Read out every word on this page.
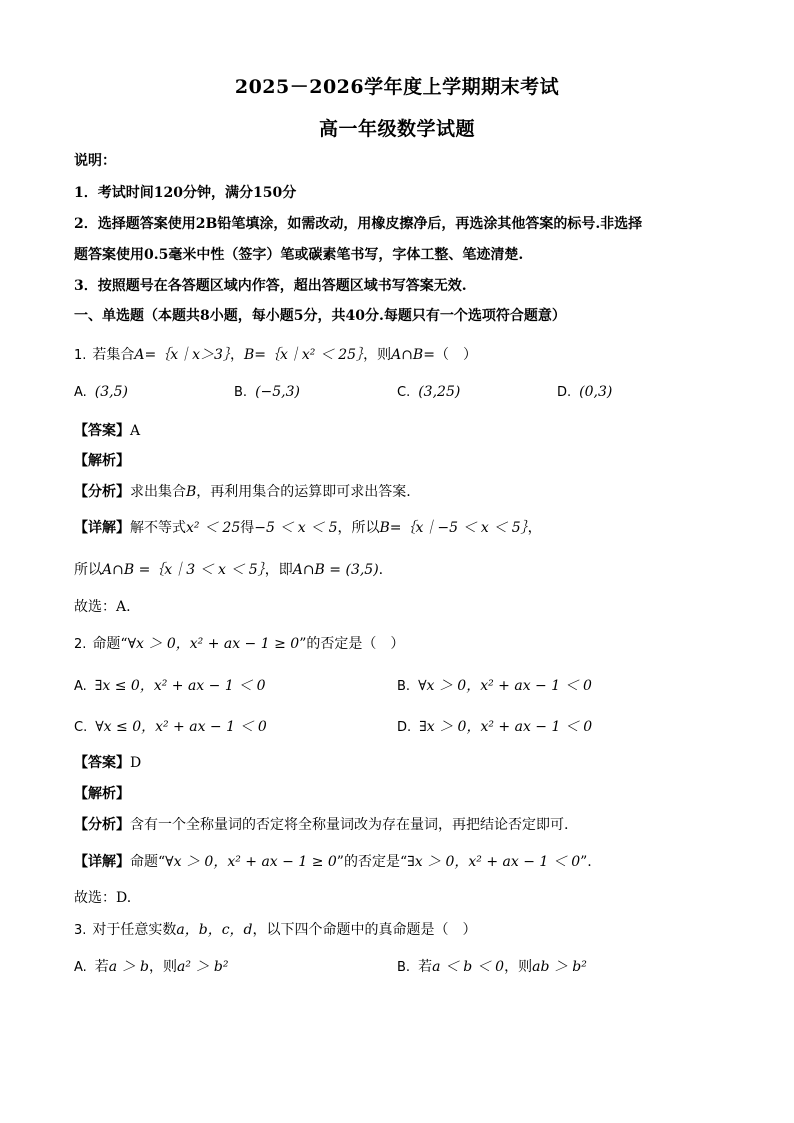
2025－2026学年度上学期期末考试
高一年级数学试题
说明：
1．考试时间120分钟，满分150分
2．选择题答案使用2B铅笔填涂，如需改动，用橡皮擦净后，再选涂其他答案的标号.非选择
题答案使用0.5毫米中性（签字）笔或碳素笔书写，字体工整、笔迹清楚.
3．按照题号在各答题区域内作答，超出答题区域书写答案无效.
一、单选题（本题共8小题，每小题5分，共40分.每题只有一个选项符合题意）
1. 若集合A=｛x｜x＞3｝，B=｛x｜x² ＜ 25｝，则A∩B=（　）
A. (3,5)	B. (−5,3)	C. (3,25)	D. (0,3)
【答案】A
【解析】
【分析】求出集合B，再利用集合的运算即可求出答案.
【详解】解不等式x² ＜ 25得−5 ＜ x ＜ 5，所以B=｛x｜−5 ＜ x ＜ 5｝，
所以A∩B =｛x｜3 ＜ x ＜ 5｝，即A∩B = (3,5).
故选：A.
2. 命题“∀x ＞ 0，x² + ax − 1 ≥ 0”的否定是（　）
A. ∃x ≤ 0，x² + ax − 1 ＜ 0	B. ∀x ＞ 0，x² + ax − 1 ＜ 0
C. ∀x ≤ 0，x² + ax − 1 ＜ 0	D. ∃x ＞ 0，x² + ax − 1 ＜ 0
【答案】D
【解析】
【分析】含有一个全称量词的否定将全称量词改为存在量词，再把结论否定即可.
【详解】命题“∀x ＞ 0，x² + ax − 1 ≥ 0”的否定是“∃x ＞ 0，x² + ax − 1 ＜ 0”.
故选：D.
3. 对于任意实数a，b，c，d，以下四个命题中的真命题是（　）
A. 若a ＞ b，则a² ＞ b²	B. 若a ＜ b ＜ 0，则ab ＞ b²
